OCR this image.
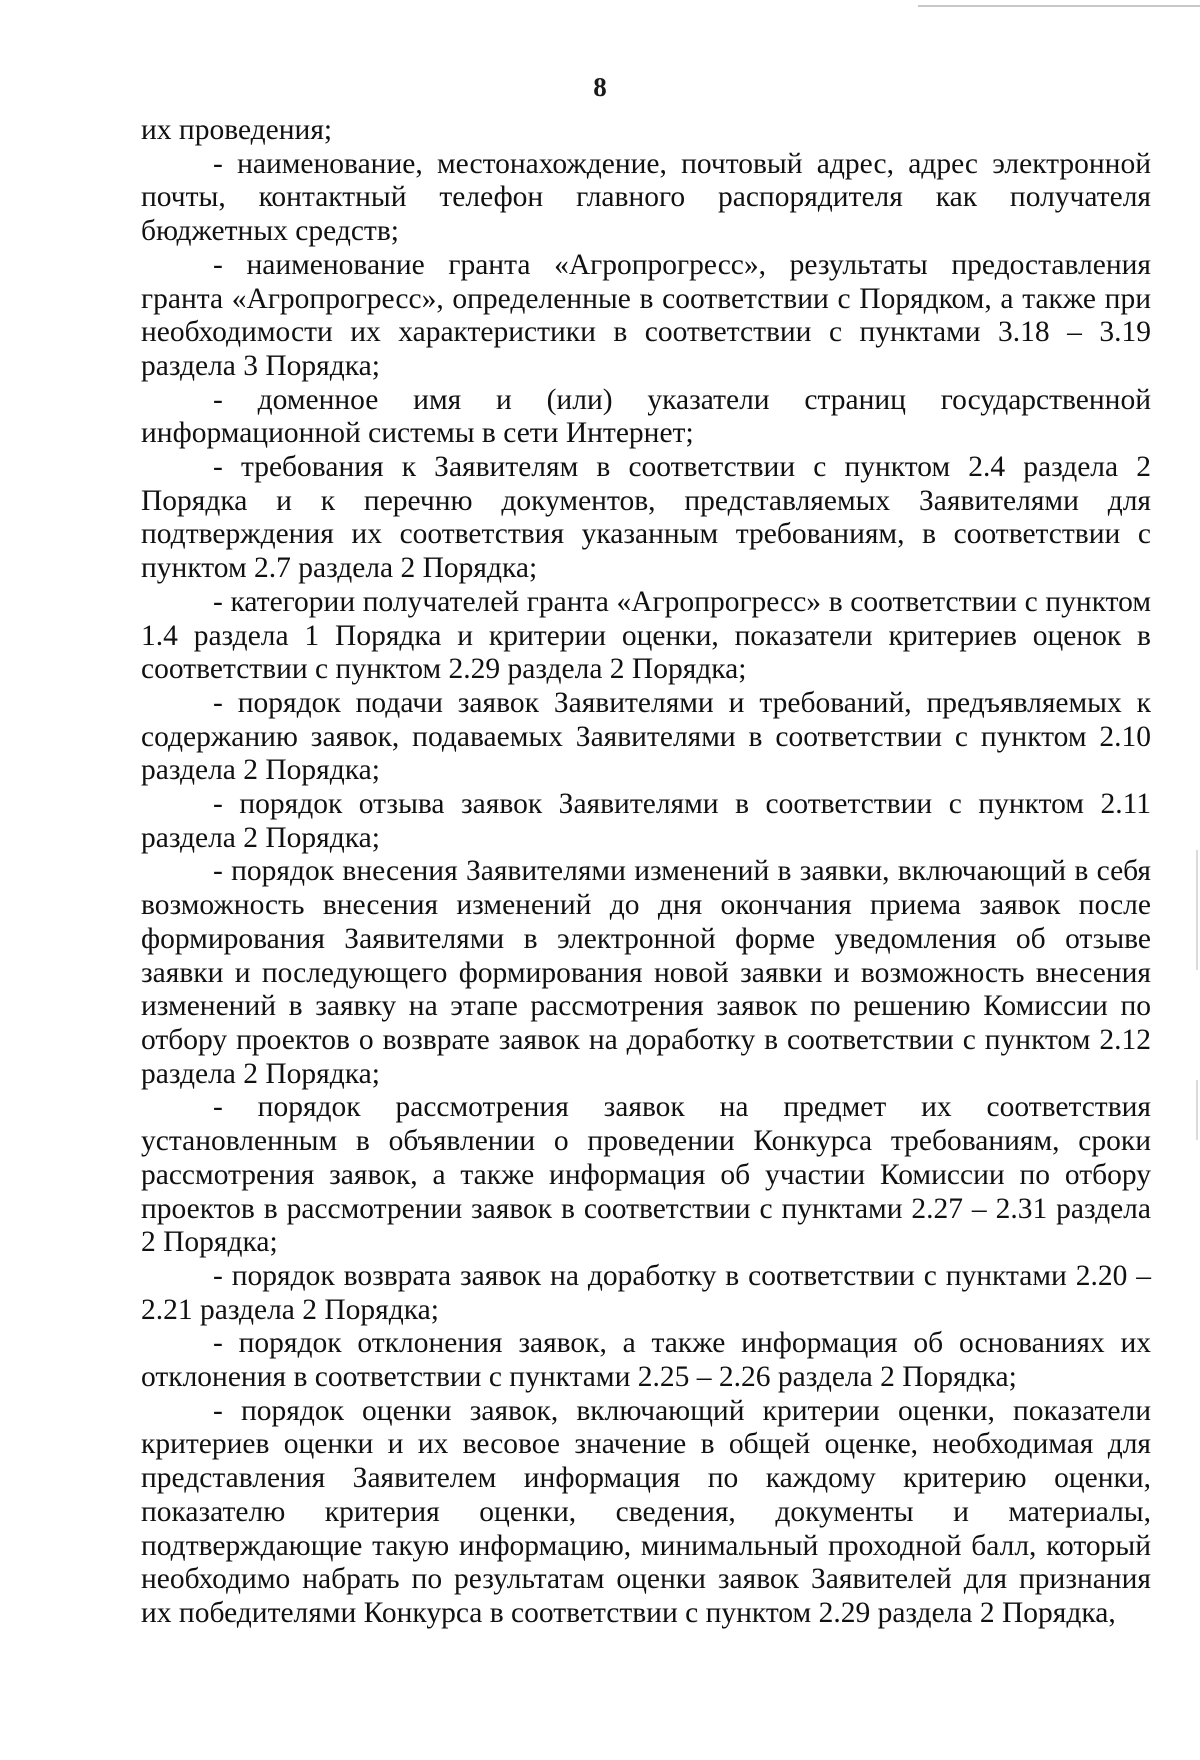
8

их проведения;

- наименование, местонахождение, почтовый адрес, адрес электронной почты, контактный телефон главного распорядителя как получателя бюджетных средств;

- наименование гранта «Агропрогресс», результаты предоставления гранта «Агропрогресс», определенные в соответствии с Порядком, а также при необходимости их характеристики в соответствии с пунктами 3.18 – 3.19 раздела 3 Порядка;

- доменное имя и (или) указатели страниц государственной информационной системы в сети Интернет;

- требования к Заявителям в соответствии с пунктом 2.4 раздела 2 Порядка и к перечню документов, представляемых Заявителями для подтверждения их соответствия указанным требованиям, в соответствии с пунктом 2.7 раздела 2 Порядка;

- категории получателей гранта «Агропрогресс» в соответствии с пунктом 1.4 раздела 1 Порядка и критерии оценки, показатели критериев оценок в соответствии с пунктом 2.29 раздела 2 Порядка;

- порядок подачи заявок Заявителями и требований, предъявляемых к содержанию заявок, подаваемых Заявителями в соответствии с пунктом 2.10 раздела 2 Порядка;

- порядок отзыва заявок Заявителями в соответствии с пунктом 2.11 раздела 2 Порядка;

- порядок внесения Заявителями изменений в заявки, включающий в себя возможность внесения изменений до дня окончания приема заявок после формирования Заявителями в электронной форме уведомления об отзыве заявки и последующего формирования новой заявки и возможность внесения изменений в заявку на этапе рассмотрения заявок по решению Комиссии по отбору проектов о возврате заявок на доработку в соответствии с пунктом 2.12 раздела 2 Порядка;

- порядок рассмотрения заявок на предмет их соответствия установленным в объявлении о проведении Конкурса требованиям, сроки рассмотрения заявок, а также информация об участии Комиссии по отбору проектов в рассмотрении заявок в соответствии с пунктами 2.27 – 2.31 раздела 2 Порядка;

- порядок возврата заявок на доработку в соответствии с пунктами 2.20 – 2.21 раздела 2 Порядка;

- порядок отклонения заявок, а также информация об основаниях их отклонения в соответствии с пунктами 2.25 – 2.26 раздела 2 Порядка;

- порядок оценки заявок, включающий критерии оценки, показатели критериев оценки и их весовое значение в общей оценке, необходимая для представления Заявителем информация по каждому критерию оценки, показателю критерия оценки, сведения, документы и материалы, подтверждающие такую информацию, минимальный проходной балл, который необходимо набрать по результатам оценки заявок Заявителей для признания их победителями Конкурса в соответствии с пунктом 2.29 раздела 2 Порядка,
